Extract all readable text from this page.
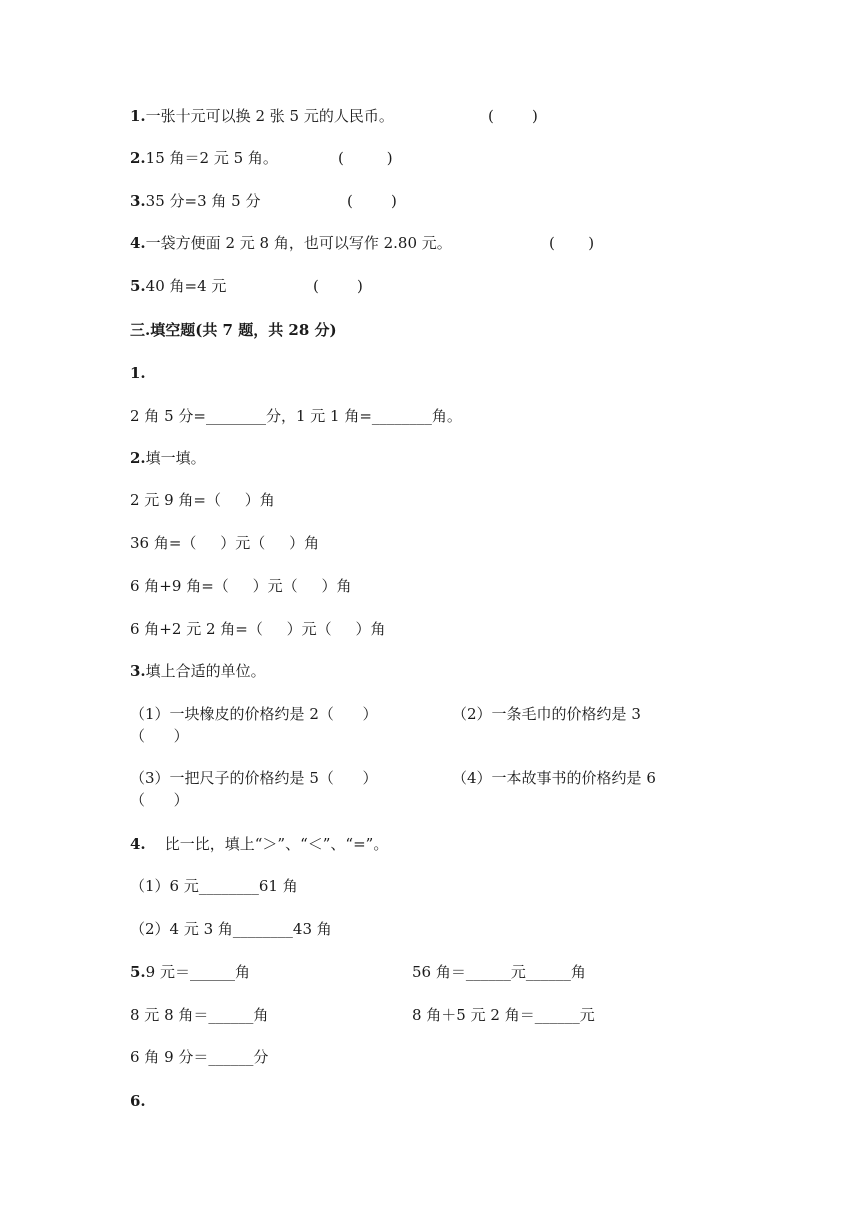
1.一张十元可以换 2 张 5 元的人民币。	(        )
2.15 角＝2 元 5 角。	(         )
3.35 分=3 角 5 分	(        )
4.一袋方便面 2 元 8 角，也可以写作 2.80 元。	(       )
5.40 角=4 元	(        )
三.填空题(共 7 题，共 28 分)
1.
2 角 5 分=________分，1 元 1 角=________角。
2.填一填。
2 元 9 角=（     ）角
36 角=（     ）元（     ）角
6 角+9 角=（     ）元（     ）角
6 角+2 元 2 角=（     ）元（     ）角
3.填上合适的单位。
（1）一块橡皮的价格约是 2（      ）	（2）一条毛巾的价格约是 3
（      ）
（3）一把尺子的价格约是 5（      ）	（4）一本故事书的价格约是 6
（      ）
4. 比一比，填上“＞”、“＜”、“=”。
（1）6 元________61 角
（2）4 元 3 角________43 角
5.9 元＝______角	56 角＝______元______角
8 元 8 角＝______角	8 角＋5 元 2 角＝______元
6 角 9 分＝______分
6.
